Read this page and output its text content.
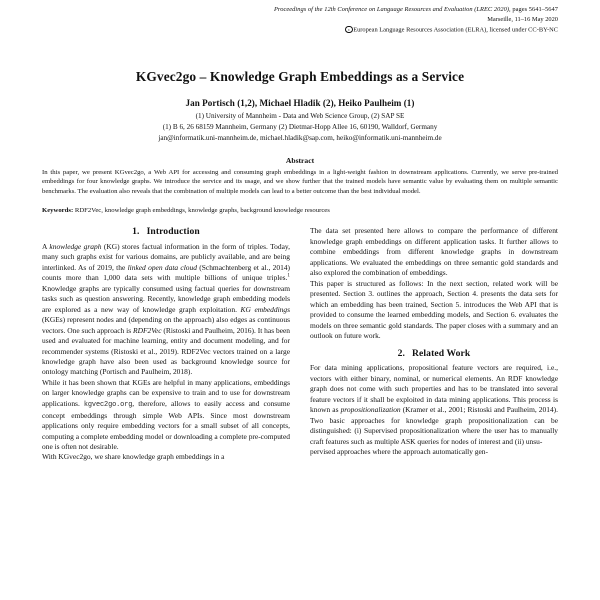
Proceedings of the 12th Conference on Language Resources and Evaluation (LREC 2020), pages 5641–5647
Marseille, 11–16 May 2020
c European Language Resources Association (ELRA), licensed under CC-BY-NC
KGvec2go – Knowledge Graph Embeddings as a Service
Jan Portisch (1,2), Michael Hladik (2), Heiko Paulheim (1)
(1) University of Mannheim - Data and Web Science Group, (2) SAP SE
(1) B 6, 26 68159 Mannheim, Germany (2) Dietmar-Hopp Allee 16, 60190, Walldorf, Germany
jan@informatik.uni-mannheim.de, michael.hladik@sap.com, heiko@informatik.uni-mannheim.de
Abstract
In this paper, we present KGvec2go, a Web API for accessing and consuming graph embeddings in a light-weight fashion in downstream applications. Currently, we serve pre-trained embeddings for four knowledge graphs. We introduce the service and its usage, and we show further that the trained models have semantic value by evaluating them on multiple semantic benchmarks. The evaluation also reveals that the combination of multiple models can lead to a better outcome than the best individual model.
Keywords: RDF2Vec, knowledge graph embeddings, knowledge graphs, background knowledge resources
1. Introduction

A knowledge graph (KG) stores factual information in the form of triples. Today, many such graphs exist for various domains, are publicly available, and are being interlinked. As of 2019, the linked open data cloud (Schmachtenberg et al., 2014) counts more than 1,000 data sets with multiple billions of unique triples.$^1$ Knowledge graphs are typically consumed using factual queries for downstream tasks such as question answering. Recently, knowledge graph embedding models are explored as a new way of knowledge graph exploitation. KG embeddings (KGEs) represent nodes and (depending on the approach) also edges as continuous vectors. One such approach is RDF2Vec (Ristoski and Paulheim, 2016). It has been used and evaluated for machine learning, entity and document modeling, and for recommender systems (Ristoski et al., 2019). RDF2Vec vectors trained on a large knowledge graph have also been used as background knowledge source for ontology matching (Portisch and Paulheim, 2018).

While it has been shown that KGEs are helpful in many applications, embeddings on larger knowledge graphs can be expensive to train and to use for downstream applications. kgvec2go.org, therefore, allows to easily access and consume concept embeddings through simple Web APIs. Since most downstream applications only require embedding vectors for a small subset of all concepts, computing a complete embedding model or downloading a complete pre-computed one is often not desirable.

With KGvec2go, we share knowledge graph embeddings in a

The data set presented here allows to compare the performance of different knowledge graph embeddings on different application tasks. It further allows to combine embeddings from different knowledge graphs in downstream applications. We evaluated the embeddings on three semantic gold standards and also explored the combination of embeddings.

This paper is structured as follows: In the next section, related work will be presented. Section 3. outlines the approach, Section 4. presents the data sets for which an embedding has been trained, Section 5. introduces the Web API that is provided to consume the learned embedding models, and Section 6. evaluates the models on three semantic gold standards. The paper closes with a summary and an outlook on future work.

2. Related Work

For data mining applications, propositional feature vectors are required, i.e., vectors with either binary, nominal, or numerical elements. An RDF knowledge graph does not come with such properties and has to be translated into several feature vectors if it shall be exploited in data mining applications. This process is known as propositionalization (Kramer et al., 2001; Ristoski and Paulheim, 2014). Two basic approaches for knowledge graph propositionalization can be distinguished: (i) Supervised propositionalization where the user has to manually craft features such as multiple ASK queries for nodes of interest and (ii) unsu-

pervised approaches where the approach automatically gen-
